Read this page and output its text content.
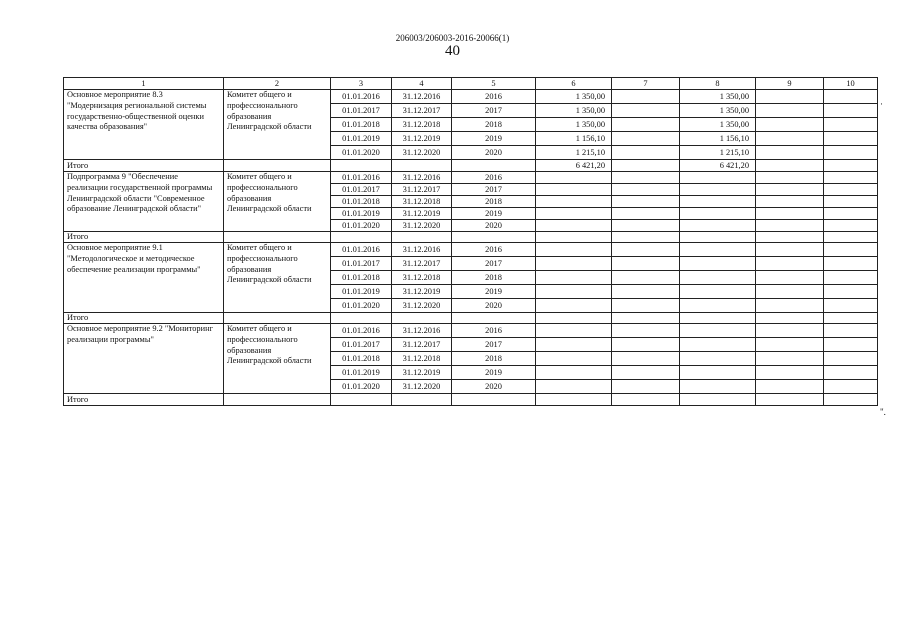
206003/206003-2016-20066(1)
40
·
".
1	2	3	4	5	6	7	8	9	10
Основное мероприятие 8.3 "Модернизация региональной системы государственно-общественной оценки качества образования"	Комитет общего и профессионального образования Ленинградской области	01.01.2016	31.12.2016	2016	1 350,00		1 350,00		
		01.01.2017	31.12.2017	2017	1 350,00		1 350,00		
		01.01.2018	31.12.2018	2018	1 350,00		1 350,00		
		01.01.2019	31.12.2019	2019	1 156,10		1 156,10		
		01.01.2020	31.12.2020	2020	1 215,10		1 215,10		
Итого					6 421,20		6 421,20		
Подпрограмма 9 "Обеспечение реализации государственной программы Ленинградской области "Современное образование Ленинградской области"	Комитет общего и профессионального образования Ленинградской области	01.01.2016	31.12.2016	2016					
		01.01.2017	31.12.2017	2017					
		01.01.2018	31.12.2018	2018					
		01.01.2019	31.12.2019	2019					
		01.01.2020	31.12.2020	2020					
Итого									
Основное мероприятие 9.1 "Методологическое и методическое обеспечение реализации программы"	Комитет общего и профессионального образования Ленинградской области	01.01.2016	31.12.2016	2016					
		01.01.2017	31.12.2017	2017					
		01.01.2018	31.12.2018	2018					
		01.01.2019	31.12.2019	2019					
		01.01.2020	31.12.2020	2020					
Итого									
Основное мероприятие 9.2 "Мониторинг реализации программы"	Комитет общего и профессионального образования Ленинградской области	01.01.2016	31.12.2016	2016					
		01.01.2017	31.12.2017	2017					
		01.01.2018	31.12.2018	2018					
		01.01.2019	31.12.2019	2019					
		01.01.2020	31.12.2020	2020					
Итого									
